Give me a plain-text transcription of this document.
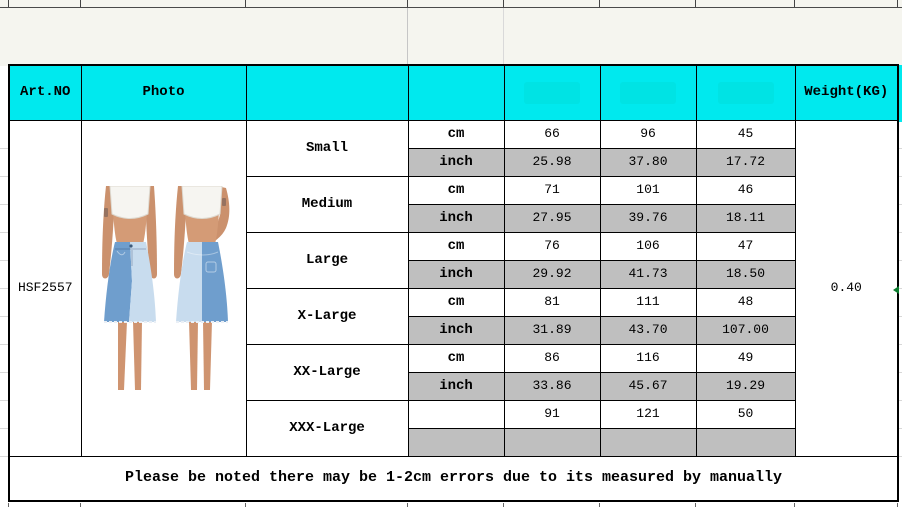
Art.NO	Photo						Weight(KG)
HSF2557		Small	cm	66	96	45	0.40
			inch	25.98	37.80	17.72	
		Medium	cm	71	101	46	
			inch	27.95	39.76	18.11	
		Large	cm	76	106	47	
			inch	29.92	41.73	18.50	
		X-Large	cm	81	111	48	
			inch	31.89	43.70	107.00	
		XX-Large	cm	86	116	49	
			inch	33.86	45.67	19.29	
		XXX-Large		91	121	50	

Please be noted there may be 1-2cm errors due to its measured by manually							
